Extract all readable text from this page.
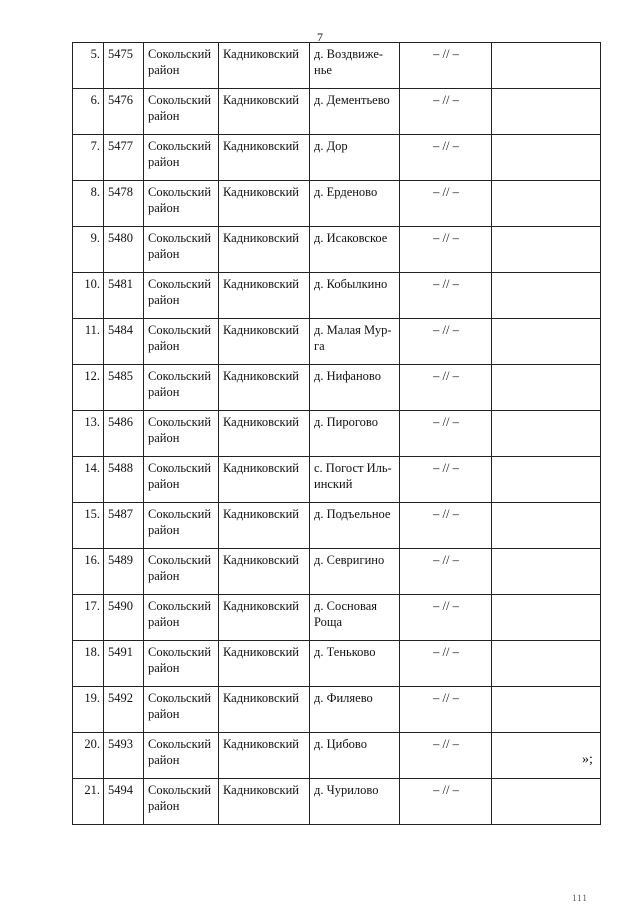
7
5.	5475	Сокольский район	Кадниковский	д. Воздвиже-нье	– // –	
6.	5476	Сокольский район	Кадниковский	д. Дементьево	– // –	
7.	5477	Сокольский район	Кадниковский	д. Дор	– // –	
8.	5478	Сокольский район	Кадниковский	д. Ерденово	– // –	
9.	5480	Сокольский район	Кадниковский	д. Исаковское	– // –	
10.	5481	Сокольский район	Кадниковский	д. Кобылкино	– // –	
11.	5484	Сокольский район	Кадниковский	д. Малая Мур-га	– // –	
12.	5485	Сокольский район	Кадниковский	д. Нифаново	– // –	
13.	5486	Сокольский район	Кадниковский	д. Пирогово	– // –	
14.	5488	Сокольский район	Кадниковский	с. Погост Иль-инский	– // –	
15.	5487	Сокольский район	Кадниковский	д. Подъельное	– // –	
16.	5489	Сокольский район	Кадниковский	д. Севригино	– // –	
17.	5490	Сокольский район	Кадниковский	д. Сосновая Роща	– // –	
18.	5491	Сокольский район	Кадниковский	д. Теньково	– // –	
19.	5492	Сокольский район	Кадниковский	д. Филяево	– // –	
20.	5493	Сокольский район	Кадниковский	д. Цибово	– // –	
21.	5494	Сокольский район	Кадниковский	д. Чурилово	– // –	
»;
111
